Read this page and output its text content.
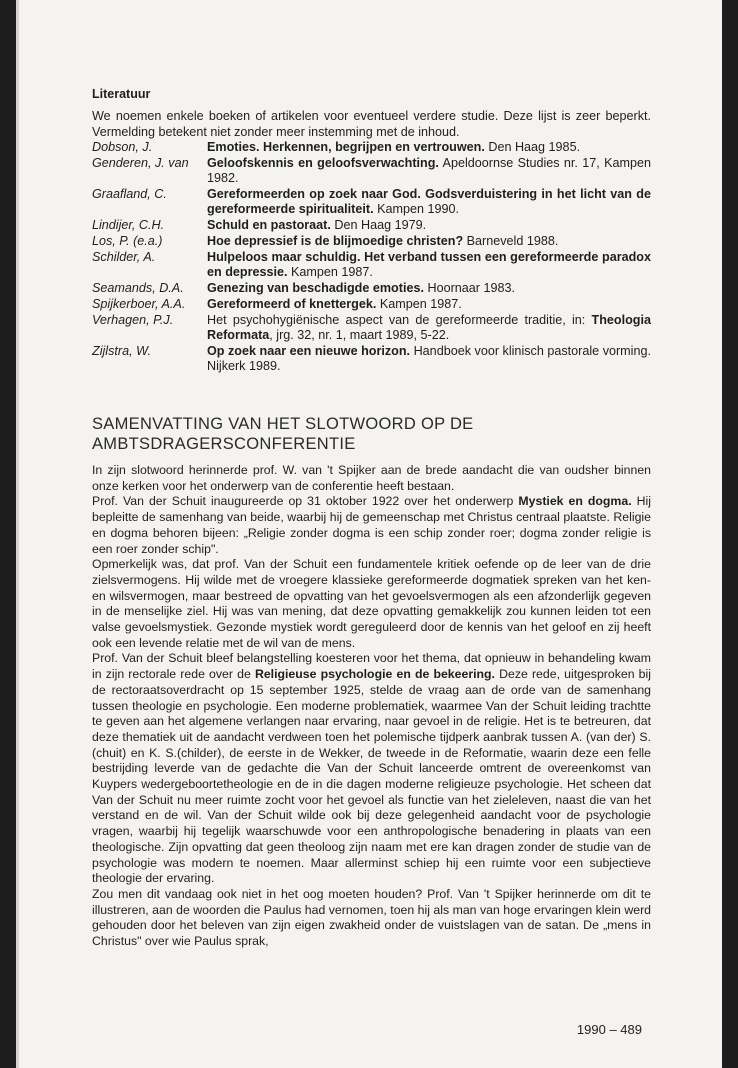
Literatuur
We noemen enkele boeken of artikelen voor eventueel verdere studie. Deze lijst is zeer beperkt. Vermelding betekent niet zonder meer instemming met de inhoud.
Dobson, J.	Emoties. Herkennen, begrijpen en vertrouwen. Den Haag 1985.
Genderen, J. van	Geloofskennis en geloofsverwachting. Apeldoornse Studies nr. 17, Kampen 1982.
Graafland, C.	Gereformeerden op zoek naar God. Godsverduistering in het licht van de gereformeerde spiritualiteit. Kampen 1990.
Lindijer, C.H.	Schuld en pastoraat. Den Haag 1979.
Los, P. (e.a.)	Hoe depressief is de blijmoedige christen? Barneveld 1988.
Schilder, A.	Hulpeloos maar schuldig. Het verband tussen een gereformeerde paradox en depressie. Kampen 1987.
Seamands, D.A.	Genezing van beschadigde emoties. Hoornaar 1983.
Spijkerboer, A.A.	Gereformeerd of knettergek. Kampen 1987.
Verhagen, P.J.	Het psychohygiënische aspect van de gereformeerde traditie, in: Theologia Reformata, jrg. 32, nr. 1, maart 1989, 5-22.
Zijlstra, W.	Op zoek naar een nieuwe horizon. Handboek voor klinisch pastorale vorming. Nijkerk 1989.
SAMENVATTING VAN HET SLOTWOORD OP DE AMBTSDRAGERSCONFERENTIE

In zijn slotwoord herinnerde prof. W. van 't Spijker aan de brede aandacht die van oudsher binnen onze kerken voor het onderwerp van de conferentie heeft bestaan.

Prof. Van der Schuit inaugureerde op 31 oktober 1922 over het onderwerp Mystiek en dogma. Hij bepleitte de samenhang van beide, waarbij hij de gemeenschap met Christus centraal plaatste. Religie en dogma behoren bijeen: „Religie zonder dogma is een schip zonder roer; dogma zonder religie is een roer zonder schip".

Opmerkelijk was, dat prof. Van der Schuit een fundamentele kritiek oefende op de leer van de drie zielsvermogens. Hij wilde met de vroegere klassieke gereformeerde dogmatiek spreken van het ken- en wilsvermogen, maar bestreed de opvatting van het gevoelsvermogen als een afzonderlijk gegeven in de menselijke ziel. Hij was van mening, dat deze opvatting gemakkelijk zou kunnen leiden tot een valse gevoelsmystiek. Gezonde mystiek wordt gereguleerd door de kennis van het geloof en zij heeft ook een levende relatie met de wil van de mens.

Prof. Van der Schuit bleef belangstelling koesteren voor het thema, dat opnieuw in behandeling kwam in zijn rectorale rede over de Religieuse psychologie en de bekeering. Deze rede, uitgesproken bij de rectoraatsoverdracht op 15 september 1925, stelde de vraag aan de orde van de samenhang tussen theologie en psychologie. Een moderne problematiek, waarmee Van der Schuit leiding trachtte te geven aan het algemene verlangen naar ervaring, naar gevoel in de religie. Het is te betreuren, dat deze thematiek uit de aandacht verdween toen het polemische tijdperk aanbrak tussen A. (van der) S.(chuit) en K. S.(childer), de eerste in de Wekker, de tweede in de Reformatie, waarin deze een felle bestrijding leverde van de gedachte die Van der Schuit lanceerde omtrent de overeenkomst van Kuypers wedergeboortetheologie en de in die dagen moderne religieuze psychologie. Het scheen dat Van der Schuit nu meer ruimte zocht voor het gevoel als functie van het zieleleven, naast die van het verstand en de wil. Van der Schuit wilde ook bij deze gelegenheid aandacht voor de psychologie vragen, waarbij hij tegelijk waarschuwde voor een anthropologische benadering in plaats van een theologische. Zijn opvatting dat geen theoloog zijn naam met ere kan dragen zonder de studie van de psychologie was modern te noemen. Maar allerminst schiep hij een ruimte voor een subjectieve theologie der ervaring.

Zou men dit vandaag ook niet in het oog moeten houden? Prof. Van 't Spijker herinnerde om dit te illustreren, aan de woorden die Paulus had vernomen, toen hij als man van hoge ervaringen klein werd gehouden door het beleven van zijn eigen zwakheid onder de vuistslagen van de satan. De „mens in Christus" over wie Paulus sprak,

1990 – 489
